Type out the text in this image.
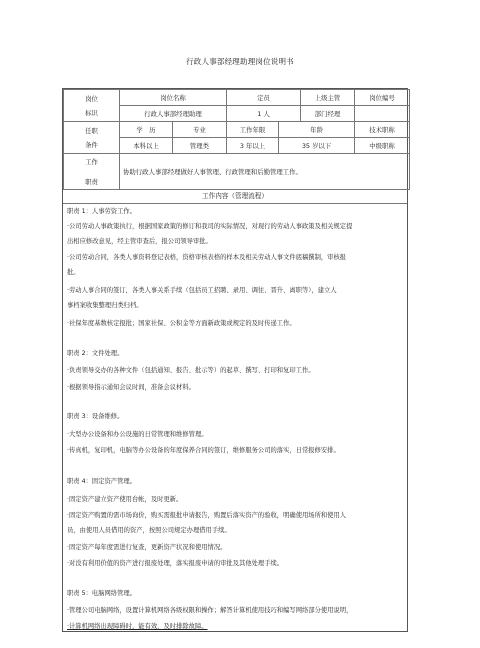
行政人事部经理助理岗位说明书
岗位
标识	岗位名称		定员		上级主管	岗位编号
	行政人事部经理助理		1 人		部门经理	

任职
条件	学　历	专业	工作年限	年龄		技术职称
	本科以上	管理类	3 年以上	35 岁以下		中级职称

工作
职责	协助行政人事部经理做好人事管理、行政管理和后勤管理工作。					
工作内容（管理流程）
职责 1：人事劳资工作。
·公司劳动人事政策执行，根据国家政策的修订和我司的实际情况，对现行的劳动人事政策及相关规定提
出相应修改意见，经主管审查后，报公司领导审批。
·公司劳动合同，各类人事资料登记表格，资格审核表格的样本及相关劳动人事文件底稿撰制，审核报
批。
·劳动人事合同的签订，各类人事关系手续（包括员工招聘、录用、调往、晋升、离职等），建立人
事档案收集整理归类归档。
·社保年度基数核定报批；国家社保、公积金等方面新政策或规定的及时传递工作。
职责 2：文件处理。
·负责领导交办的各种文件（包括通知、报告、批示等）的起草、撰写、打印和复印工作。
·根据领导指示通知会议时间，准备会议材料。
职责 3：设备维修。
·大型办公设备和办公设施的日常管理和维修管理。
·传真机，复印机，电脑等办公设备的年度保养合同的签订，维修服务公司的落实，日常报修安排。
职责 4：固定资产管理。
·固定资产建立资产使用台帐，及时更新。
·固定资产购置的需市场询价，购买需报批申请报告，购置后落实资产的验收，明确使用场所和使用人
员，由使用人员借用的资产，按照公司规定办理借用手续。
·固定资产每年度需进行复查，更新资产状况和使用情况。
·对没有利用价值的资产进行报废处理，落实报废申请的审批及其他处理手续。
职责 5：电脑网络管理。
·管理公司电脑网络，设置计算机网络各级权限和操作；解答计算机使用技巧和编写网络部分使用说明，
·计算机网络出现障碍时，能有效，及时排除故障。
